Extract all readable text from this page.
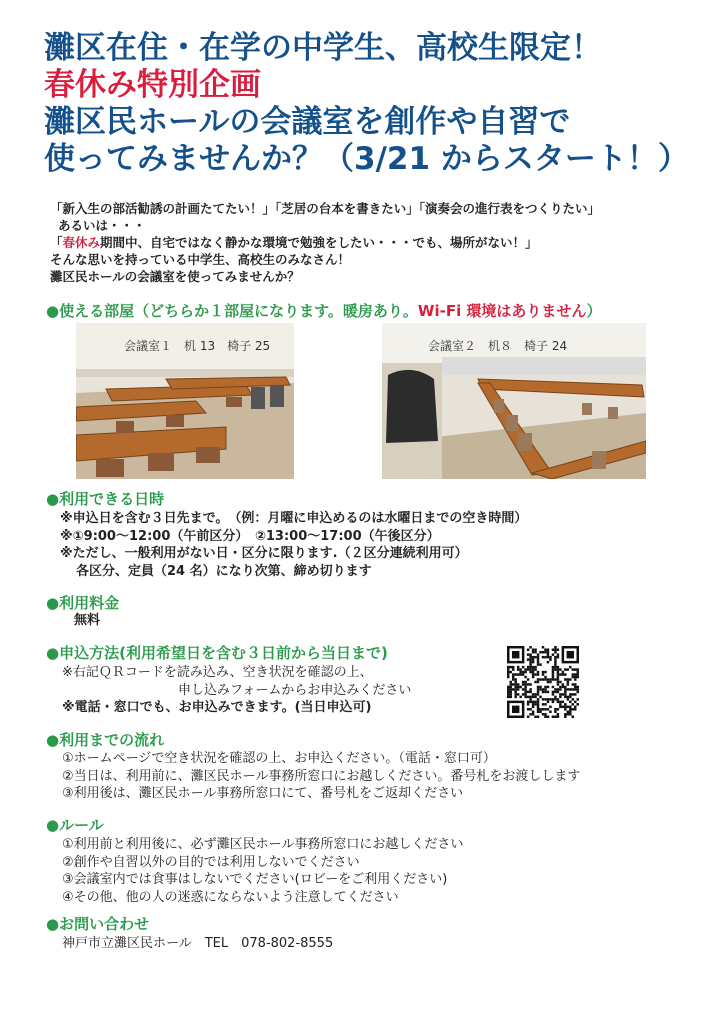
灘区在住・在学の中学生、高校生限定！
春休み特別企画
灘区民ホールの会議室を創作や自習で
使ってみませんか？（3/21 からスタート！）
「新入生の部活勧誘の計画たてたい！」「芝居の台本を書きたい」「演奏会の進行表をつくりたい」
あるいは・・・
「春休み期間中、自宅ではなく静かな環境で勉強をしたい・・・でも、場所がない！」
そんな思いを持っている中学生、高校生のみなさん！
灘区民ホールの会議室を使ってみませんか？
●使える部屋（どちらか１部屋になります。暖房あり。Wi-Fi 環境はありません）
会議室１　机 13　椅子 25	会議室２　机８　椅子 24
●利用できる日時
※申込日を含む３日先まで。　（例：月曜に申込めるのは水曜日までの空き時間）
※①9:00～12:00（午前区分）　②13:00～17:00（午後区分）
※ただし、一般利用がない日・区分に限ります.（２区分連続利用可）
各区分、定員（24 名）になり次第、締め切ります
●利用料金
無料
●申込方法(利用希望日を含む３日前から当日まで)
※右記ＱＲコードを読み込み、空き状況を確認の上、
申し込みフォームからお申込みください
※電話・窓口でも、お申込みできます。(当日申込可)
●利用までの流れ
①ホームページで空き状況を確認の上、お申込ください。（電話・窓口可）
②当日は、利用前に、灘区民ホール事務所窓口にお越しください。番号札をお渡しします
③利用後は、灘区民ホール事務所窓口にて、番号札をご返却ください
●ルール
①利用前と利用後に、必ず灘区民ホール事務所窓口にお越しください
②創作や自習以外の目的では利用しないでください
③会議室内では食事はしないでください(ロビーをご利用ください)
④その他、他の人の迷惑にならないよう注意してください
●お問い合わせ
神戸市立灘区民ホール　TEL　078-802-8555
